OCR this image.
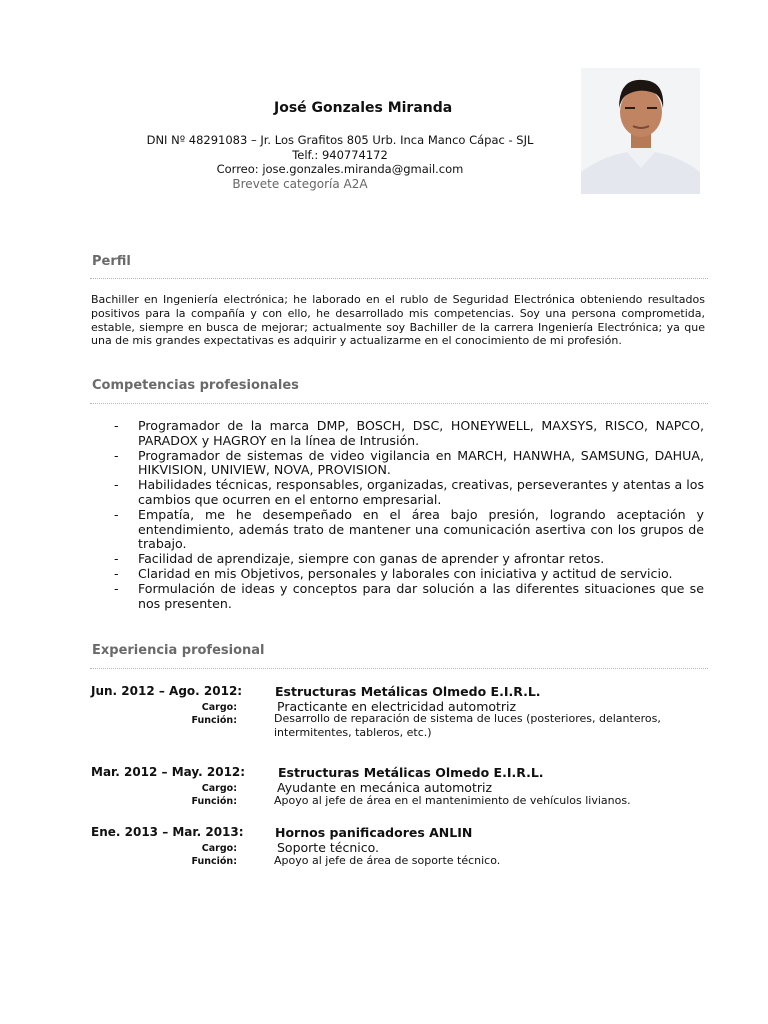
José Gonzales Miranda
DNI Nº 48291083 – Jr. Los Grafitos 805 Urb. Inca Manco Cápac - SJL
Telf.: 940774172
Correo: jose.gonzales.miranda@gmail.com
Brevete categoría A2A
Perfil
Bachiller en Ingeniería electrónica; he laborado en el rublo de Seguridad Electrónica obteniendo resultados positivos para la compañía y con ello, he desarrollado mis competencias. Soy una persona comprometida, estable, siempre en busca de mejorar; actualmente soy Bachiller de la carrera Ingeniería Electrónica; ya que una de mis grandes expectativas es adquirir y actualizarme en el conocimiento de mi profesión.
Competencias profesionales
- Programador de la marca DMP, BOSCH, DSC, HONEYWELL, MAXSYS, RISCO, NAPCO, PARADOX y HAGROY en la línea de Intrusión.
- Programador de sistemas de video vigilancia en MARCH, HANWHA, SAMSUNG, DAHUA, HIKVISION, UNIVIEW, NOVA, PROVISION.
- Habilidades técnicas, responsables, organizadas, creativas, perseverantes y atentas a los cambios que ocurren en el entorno empresarial.
- Empatía, me he desempeñado en el área bajo presión, logrando aceptación y entendimiento, además trato de mantener una comunicación asertiva con los grupos de trabajo.
- Facilidad de aprendizaje, siempre con ganas de aprender y afrontar retos.
- Claridad en mis Objetivos, personales y laborales con iniciativa y actitud de servicio.
- Formulación de ideas y conceptos para dar solución a las diferentes situaciones que se nos presenten.
Experiencia profesional
Jun. 2012 – Ago. 2012:	Estructuras Metálicas Olmedo E.I.R.L.
Cargo:	Practicante en electricidad automotriz
Función:	Desarrollo de reparación de sistema de luces (posteriores, delanteros, intermitentes, tableros, etc.)
Mar. 2012 – May. 2012:	Estructuras Metálicas Olmedo E.I.R.L.
Cargo:	Ayudante en mecánica automotriz
Función:	Apoyo al jefe de área en el mantenimiento de vehículos livianos.
Ene. 2013 – Mar. 2013:	Hornos panificadores ANLIN
Cargo:	Soporte técnico.
Función:	Apoyo al jefe de área de soporte técnico.
